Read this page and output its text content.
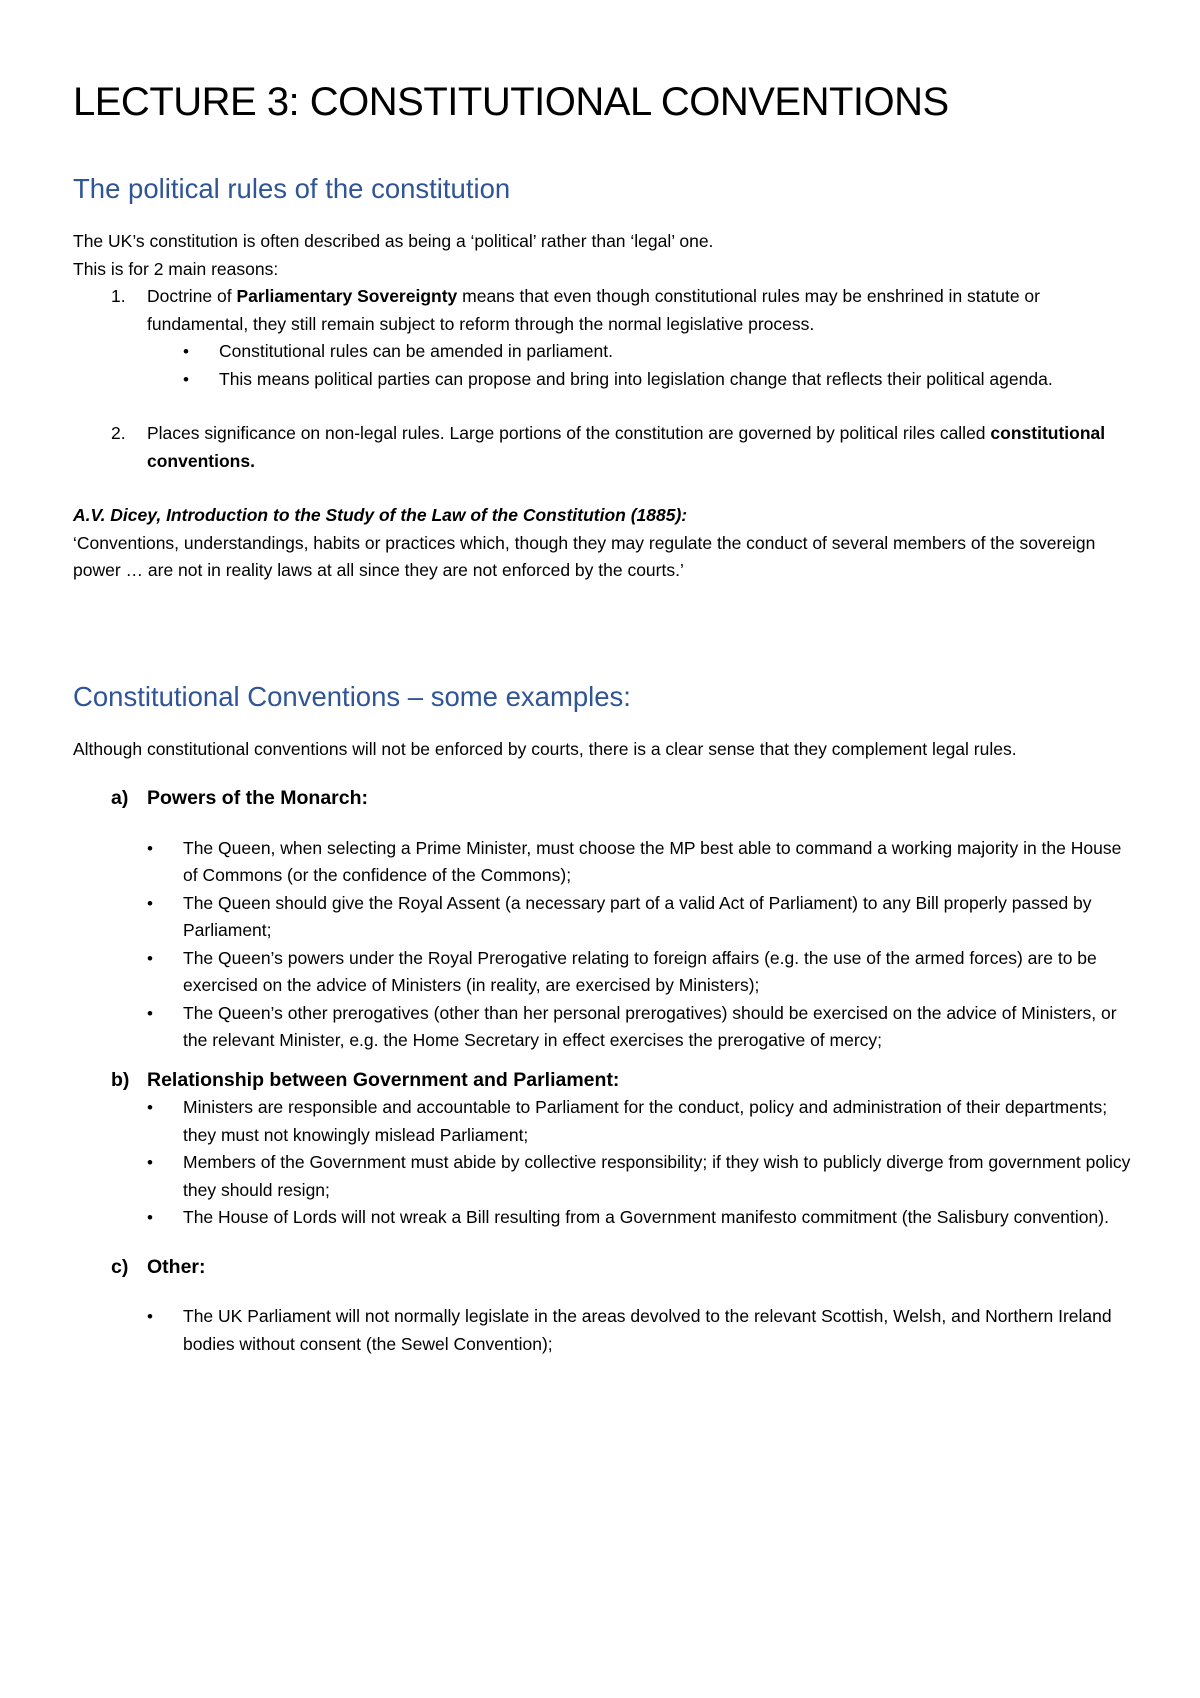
LECTURE 3: CONSTITUTIONAL CONVENTIONS
The political rules of the constitution

The UK’s constitution is often described as being a ‘political’ rather than ‘legal’ one.

This is for 2 main reasons:

1.	Doctrine of Parliamentary Sovereignty means that even though constitutional rules may be enshrined in statute or fundamental, they still remain subject to reform through the normal legislative process.
• Constitutional rules can be amended in parliament.
• This means political parties can propose and bring into legislation change that reflects their political agenda.
2.	Places significance on non-legal rules. Large portions of the constitution are governed by political riles called constitutional conventions.

A.V. Dicey, Introduction to the Study of the Law of the Constitution (1885):

‘Conventions, understandings, habits or practices which, though they may regulate the conduct of several members of the sovereign power … are not in reality laws at all since they are not enforced by the courts.’

Constitutional Conventions – some examples:

Although constitutional conventions will not be enforced by courts, there is a clear sense that they complement legal rules.

a) Powers of the Monarch:
• The Queen, when selecting a Prime Minister, must choose the MP best able to command a working majority in the House of Commons (or the confidence of the Commons);
• The Queen should give the Royal Assent (a necessary part of a valid Act of Parliament) to any Bill properly passed by Parliament;
• The Queen’s powers under the Royal Prerogative relating to foreign affairs (e.g. the use of the armed forces) are to be exercised on the advice of Ministers (in reality, are exercised by Ministers);
• The Queen’s other prerogatives (other than her personal prerogatives) should be exercised on the advice of Ministers, or the relevant Minister, e.g. the Home Secretary in effect exercises the prerogative of mercy;
b) Relationship between Government and Parliament:
• Ministers are responsible and accountable to Parliament for the conduct, policy and administration of their departments; they must not knowingly mislead Parliament;
• Members of the Government must abide by collective responsibility; if they wish to publicly diverge from government policy they should resign;
• The House of Lords will not wreak a Bill resulting from a Government manifesto commitment (the Salisbury convention).
c) Other:
• The UK Parliament will not normally legislate in the areas devolved to the relevant Scottish, Welsh, and Northern Ireland bodies without consent (the Sewel Convention);
